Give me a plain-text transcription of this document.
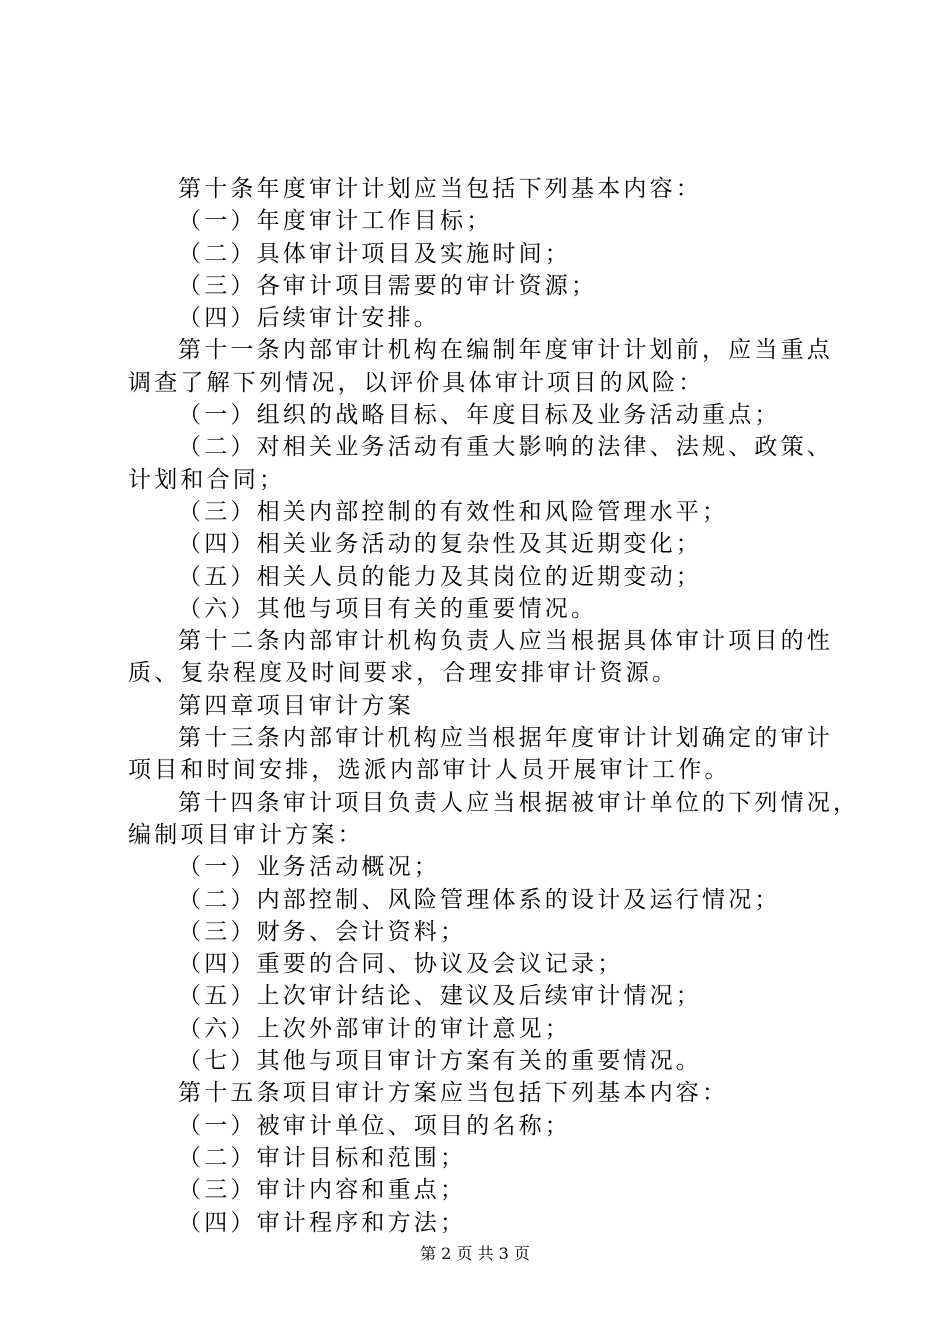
第十条年度审计计划应当包括下列基本内容：
（一）年度审计工作目标；
（二）具体审计项目及实施时间；
（三）各审计项目需要的审计资源；
（四）后续审计安排。
第十一条内部审计机构在编制年度审计计划前，应当重点
调查了解下列情况，以评价具体审计项目的风险：
（一）组织的战略目标、年度目标及业务活动重点；
（二）对相关业务活动有重大影响的法律、法规、政策、
计划和合同；
（三）相关内部控制的有效性和风险管理水平；
（四）相关业务活动的复杂性及其近期变化；
（五）相关人员的能力及其岗位的近期变动；
（六）其他与项目有关的重要情况。
第十二条内部审计机构负责人应当根据具体审计项目的性
质、复杂程度及时间要求，合理安排审计资源。
第四章项目审计方案
第十三条内部审计机构应当根据年度审计计划确定的审计
项目和时间安排，选派内部审计人员开展审计工作。
第十四条审计项目负责人应当根据被审计单位的下列情况，
编制项目审计方案：
（一）业务活动概况；
（二）内部控制、风险管理体系的设计及运行情况；
（三）财务、会计资料；
（四）重要的合同、协议及会议记录；
（五）上次审计结论、建议及后续审计情况；
（六）上次外部审计的审计意见；
（七）其他与项目审计方案有关的重要情况。
第十五条项目审计方案应当包括下列基本内容：
（一）被审计单位、项目的名称；
（二）审计目标和范围；
（三）审计内容和重点；
（四）审计程序和方法；
第 2 页 共 3 页
